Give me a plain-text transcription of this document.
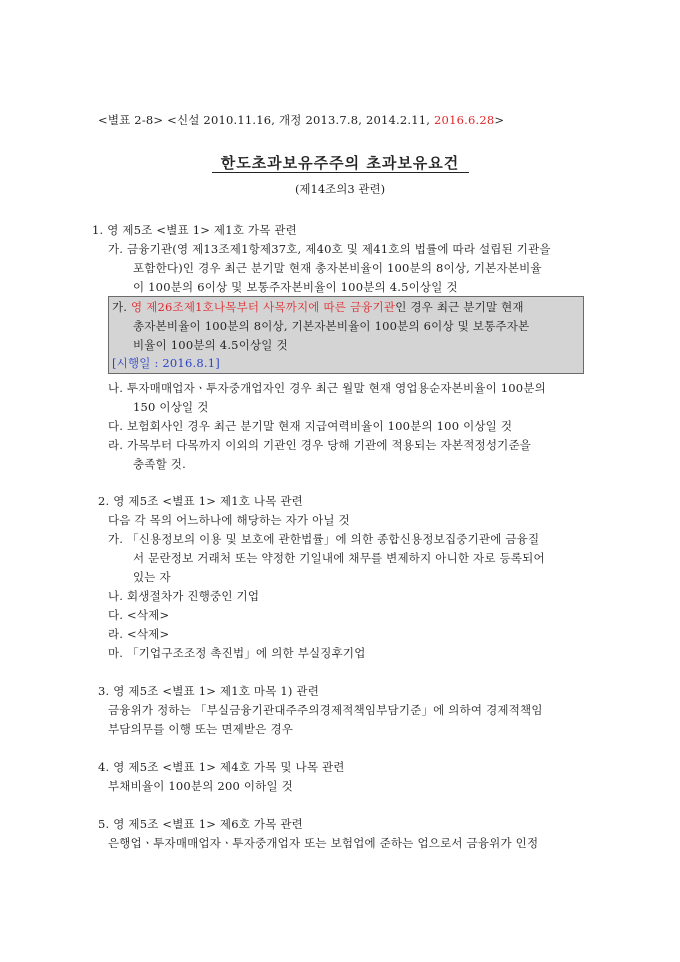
<별표 2-8> <신설 2010.11.16, 개정 2013.7.8, 2014.2.11, 2016.6.28>
한도초과보유주주의 초과보유요건
(제14조의3 관련)
1. 영 제5조 <별표 1> 제1호 가목 관련
가. 금융기관(영 제13조제1항제37호, 제40호 및 제41호의 법률에 따라 설립된 기관을
포함한다)인 경우 최근 분기말 현재 총자본비율이 100분의 8이상, 기본자본비율
이 100분의 6이상 및 보통주자본비율이 100분의 4.5이상일 것
가. 영 제26조제1호나목부터 사목까지에 따른 금융기관인 경우 최근 분기말 현재
총자본비율이 100분의 8이상, 기본자본비율이 100분의 6이상 및 보통주자본
비율이 100분의 4.5이상일 것
[시행일 : 2016.8.1]
나. 투자매매업자ㆍ투자중개업자인 경우 최근 월말 현재 영업용순자본비율이 100분의
150 이상일 것
다. 보험회사인 경우 최근 분기말 현재 지급여력비율이 100분의 100 이상일 것
라. 가목부터 다목까지 이외의 기관인 경우 당해 기관에 적용되는 자본적정성기준을
충족할 것.
2. 영 제5조 <별표 1> 제1호 나목 관련
다음 각 목의 어느하나에 해당하는 자가 아닐 것
가. 「신용정보의 이용 및 보호에 관한법률」에 의한 종합신용정보집중기관에 금융질
서 문란정보 거래처 또는 약정한 기일내에 채무를 변제하지 아니한 자로 등록되어
있는 자
나. 회생절차가 진행중인 기업
다. <삭제>
라. <삭제>
마. 「기업구조조정 촉진법」에 의한 부실징후기업
3. 영 제5조 <별표 1> 제1호 마목 1) 관련
금융위가 정하는 「부실금융기관대주주의경제적책임부담기준」에 의하여 경제적책임
부담의무를 이행 또는 면제받은 경우
4. 영 제5조 <별표 1> 제4호 가목 및 나목 관련
부채비율이 100분의 200 이하일 것
5. 영 제5조 <별표 1> 제6호 가목 관련
은행업ㆍ투자매매업자ㆍ투자중개업자 또는 보험업에 준하는 업으로서 금융위가 인정
